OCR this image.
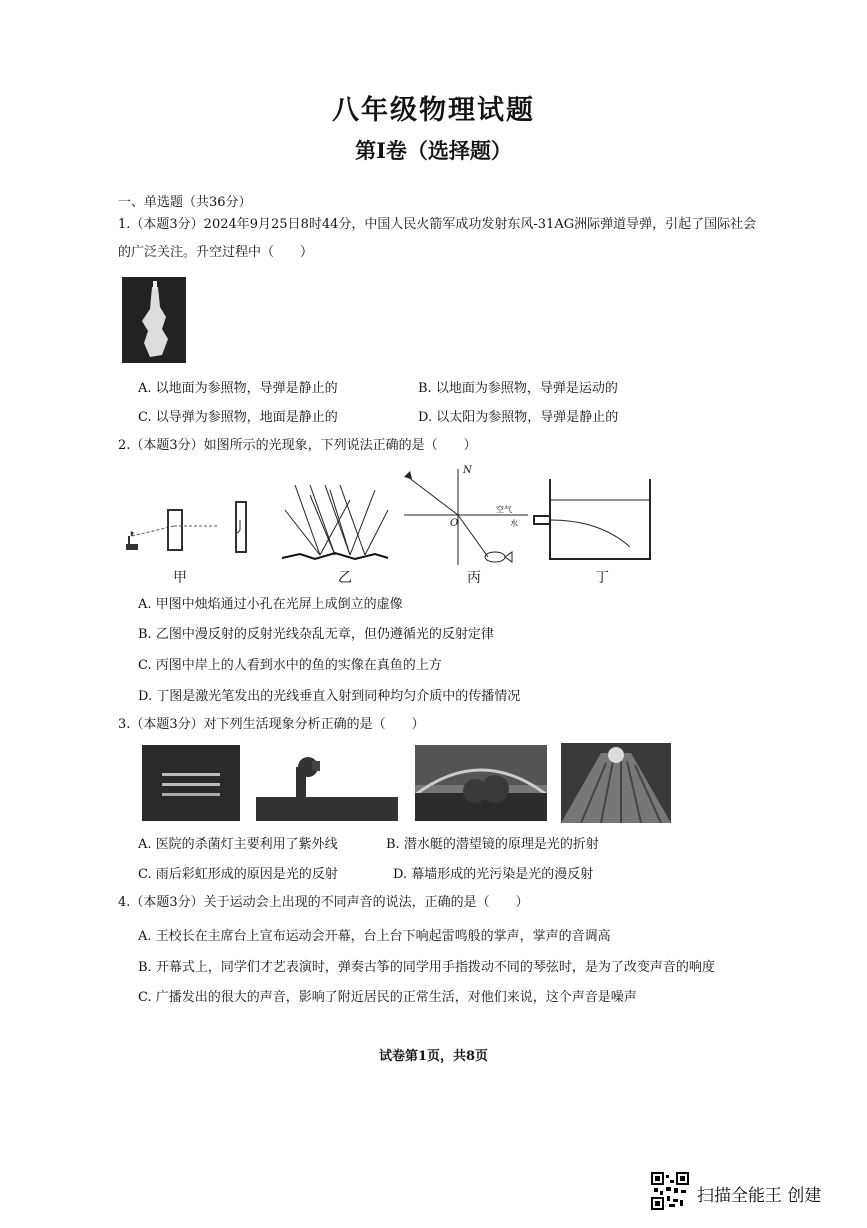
八年级物理试题
第Ⅰ卷（选择题）
一、单选题（共36分）
1.（本题3分）2024年9月25日8时44分，中国人民火箭军成功发射东风-31AG洲际弹道导弹，引起了国际社会
的广泛关注。升空过程中（　　）
A. 以地面为参照物，导弹是静止的	B. 以地面为参照物，导弹是运动的
C. 以导弹为参照物，地面是静止的	D. 以太阳为参照物，导弹是静止的
2.（本题3分）如图所示的光现象，下列说法正确的是（　　）
N
O
空气
水
甲	乙	丙	丁
A. 甲图中烛焰通过小孔在光屏上成倒立的虚像
B. 乙图中漫反射的反射光线杂乱无章，但仍遵循光的反射定律
C. 丙图中岸上的人看到水中的鱼的实像在真鱼的上方
D. 丁图是激光笔发出的光线垂直入射到同种均匀介质中的传播情况
3.（本题3分）对下列生活现象分析正确的是（　　）
A. 医院的杀菌灯主要利用了紫外线	B. 潜水艇的潜望镜的原理是光的折射
C. 雨后彩虹形成的原因是光的反射	D. 幕墙形成的光污染是光的漫反射
4.（本题3分）关于运动会上出现的不同声音的说法，正确的是（　　）
A. 王校长在主席台上宣布运动会开幕，台上台下响起雷鸣般的掌声，掌声的音调高
B. 开幕式上，同学们才艺表演时，弹奏古筝的同学用手指拨动不同的琴弦时，是为了改变声音的响度
C. 广播发出的很大的声音，影响了附近居民的正常生活，对他们来说，这个声音是噪声
试卷第1页，共8页
扫描全能王 创建
